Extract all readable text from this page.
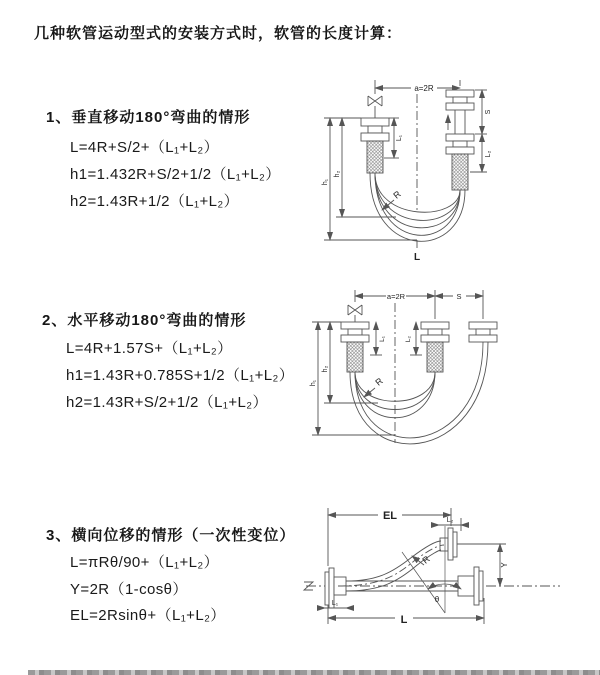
几种软管运动型式的安装方式时，软管的长度计算：
1、垂直移动180°弯曲的情形
L=4R+S/2+（L₁+L₂）
h1=1.432R+S/2+1/2（L₁+L₂）
h2=1.43R+1/2（L₁+L₂）
2、水平移动180°弯曲的情形
L=4R+1.57S+（L₁+L₂）
h1=1.43R+0.785S+1/2（L₁+L₂）
h2=1.43R+S/2+1/2（L₁+L₂）
3、横向位移的情形（一次性变位）
L=πRθ/90+（L₁+L₂）
Y=2R（1-cosθ）
EL=2Rsinθ+（L₁+L₂）
a=2R
L₁
h₁
h₂
S
L₂
R
L
a=2R	S
L₁	L₂
h₁
h₂
R
EL	L₂
Y
R
θ
L₁
L
